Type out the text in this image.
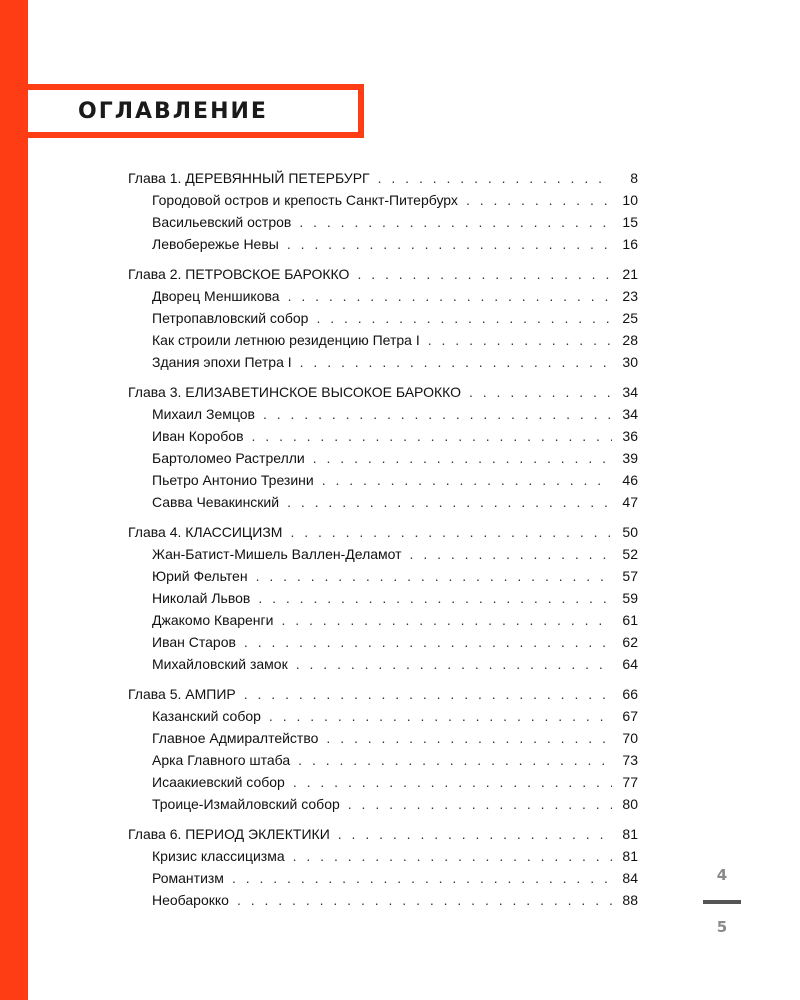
ОГЛАВЛЕНИЕ
Глава 1. ДЕРЕВЯННЫЙ ПЕТЕРБУРГ . . .	8
Городовой остров и крепость Санкт-Питербурх . . .	10
Васильевский остров . . .	15
Левобережье Невы . . .	16
Глава 2. ПЕТРОВСКОЕ БАРОККО . . .	21
Дворец Меншикова . . .	23
Петропавловский собор . . .	25
Как строили летнюю резиденцию Петра I . . .	28
Здания эпохи Петра I . . .	30
Глава 3. ЕЛИЗАВЕТИНСКОЕ ВЫСОКОЕ БАРОККО . . .	34
Михаил Земцов . . .	34
Иван Коробов . . .	36
Бартоломео Растрелли . . .	39
Пьетро Антонио Трезини . . .	46
Савва Чевакинский . . .	47
Глава 4. КЛАССИЦИЗМ . . .	50
Жан-Батист-Мишель Валлен-Деламот . . .	52
Юрий Фельтен . . .	57
Николай Львов . . .	59
Джакомо Кваренги . . .	61
Иван Старов . . .	62
Михайловский замок . . .	64
Глава 5. АМПИР . . .	66
Казанский собор . . .	67
Главное Адмиралтейство . . .	70
Арка Главного штаба . . .	73
Исаакиевский собор . . .	77
Троице-Измайловский собор . . .	80
Глава 6. ПЕРИОД ЭКЛЕКТИКИ . . .	81
Кризис классицизма . . .	81
Романтизм . . .	84
Необарокко . . .	88
4
5
